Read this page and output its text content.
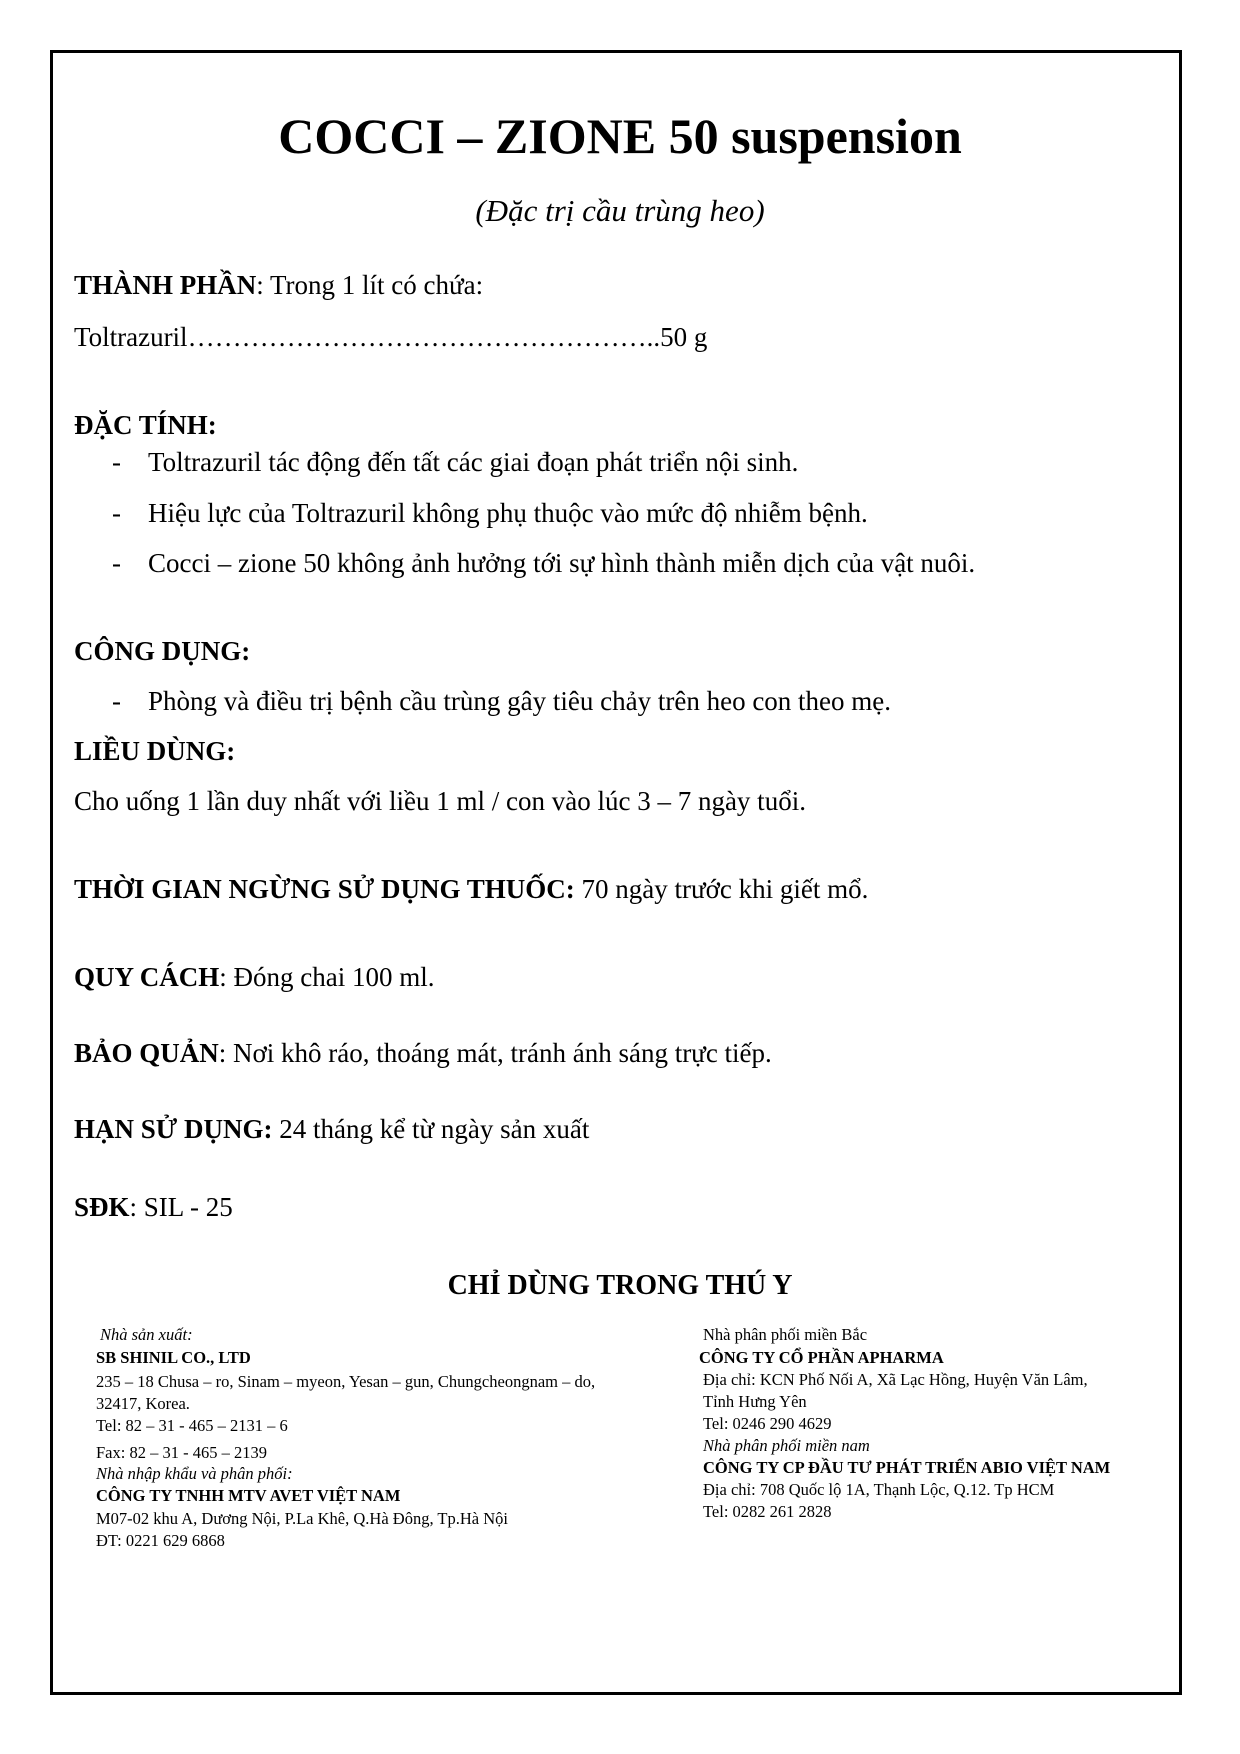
COCCI – ZIONE 50 suspension
(Đặc trị cầu trùng heo)
THÀNH PHẦN: Trong 1 lít có chứa:
Toltrazuril……………………………………………..50 g
ĐẶC TÍNH:
- Toltrazuril tác động đến tất các giai đoạn phát triển nội sinh.
- Hiệu lực của Toltrazuril không phụ thuộc vào mức độ nhiễm bệnh.
- Cocci – zione 50 không ảnh hưởng tới sự hình thành miễn dịch của vật nuôi.
CÔNG DỤNG:
- Phòng và điều trị bệnh cầu trùng gây tiêu chảy trên heo con theo mẹ.
LIỀU DÙNG:
Cho uống 1 lần duy nhất với liều 1 ml / con vào lúc 3 – 7 ngày tuổi.
THỜI GIAN NGỪNG SỬ DỤNG THUỐC: 70 ngày trước khi giết mổ.
QUY CÁCH: Đóng chai 100 ml.
BẢO QUẢN: Nơi khô ráo, thoáng mát, tránh ánh sáng trực tiếp.
HẠN SỬ DỤNG: 24 tháng kể từ ngày sản xuất
SĐK: SIL - 25
CHỈ DÙNG TRONG THÚ Y
Nhà sản xuất:
SB SHINIL CO., LTD
235 – 18 Chusa – ro, Sinam – myeon, Yesan – gun, Chungcheongnam – do,
32417, Korea.
Tel: 82 – 31 - 465 – 2131 – 6
Fax: 82 – 31 - 465 – 2139
Nhà nhập khẩu và phân phối:
CÔNG TY TNHH MTV AVET VIỆT NAM
M07-02 khu A, Dương Nội, P.La Khê, Q.Hà Đông, Tp.Hà Nội
ĐT: 0221 629 6868
Nhà phân phối miền Bắc
CÔNG TY CỔ PHẦN APHARMA
Địa chỉ: KCN Phố Nối A, Xã Lạc Hồng, Huyện Văn Lâm,
Tỉnh Hưng Yên
Tel: 0246 290 4629
Nhà phân phối miền nam
CÔNG TY CP ĐẦU TƯ PHÁT TRIỂN ABIO VIỆT NAM
Địa chỉ: 708 Quốc lộ 1A, Thạnh Lộc, Q.12. Tp HCM
Tel: 0282 261 2828
